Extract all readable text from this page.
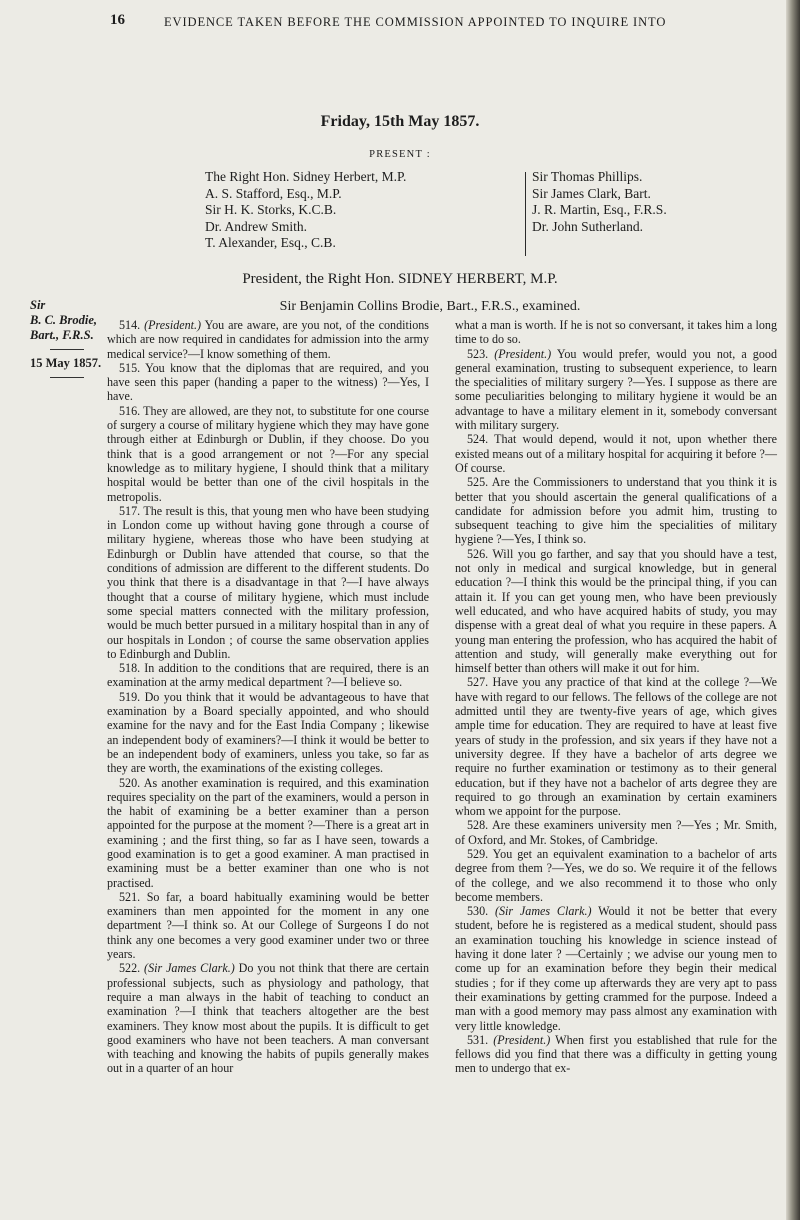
16	EVIDENCE TAKEN BEFORE THE COMMISSION APPOINTED TO INQUIRE INTO
Friday, 15th May 1857.
PRESENT :
The Right Hon. Sidney Herbert, M.P.
A. S. Stafford, Esq., M.P.
Sir H. K. Storks, K.C.B.
Dr. Andrew Smith.
T. Alexander, Esq., C.B.
Sir Thomas Phillips.
Sir James Clark, Bart.
J. R. Martin, Esq., F.R.S.
Dr. John Sutherland.
President, the Right Hon. SIDNEY HERBERT, M.P.
Sir
B. C. Brodie,
Bart., F.R.S.
15 May 1857.
Sir Benjamin Collins Brodie, Bart., F.R.S., examined.

514. (President.) You are aware, are you not, of the conditions which are now required in candidates for admission into the army medical service?—I know something of them.

515. You know that the diplomas that are required, and you have seen this paper (handing a paper to the witness) ?—Yes, I have.

516. They are allowed, are they not, to substitute for one course of surgery a course of military hygiene which they may have gone through either at Edinburgh or Dublin, if they choose. Do you think that is a good arrangement or not ?—For any special knowledge as to military hygiene, I should think that a military hospital would be better than one of the civil hospitals in the metropolis.

517. The result is this, that young men who have been studying in London come up without having gone through a course of military hygiene, whereas those who have been studying at Edinburgh or Dublin have attended that course, so that the conditions of admission are different to the different students. Do you think that there is a disadvantage in that ?—I have always thought that a course of military hygiene, which must include some special matters connected with the military profession, would be much better pursued in a military hospital than in any of our hospitals in London ; of course the same observation applies to Edinburgh and Dublin.

518. In addition to the conditions that are required, there is an examination at the army medical department ?—I believe so.

519. Do you think that it would be advantageous to have that examination by a Board specially appointed, and who should examine for the navy and for the East India Company ; likewise an independent body of examiners?—I think it would be better to be an independent body of examiners, unless you take, so far as they are worth, the examinations of the existing colleges.

520. As another examination is required, and this examination requires speciality on the part of the examiners, would a person in the habit of examining be a better examiner than a person appointed for the purpose at the moment ?—There is a great art in examining ; and the first thing, so far as I have seen, towards a good examination is to get a good examiner. A man practised in examining must be a better examiner than one who is not practised.

521. So far, a board habitually examining would be better examiners than men appointed for the moment in any one department ?—I think so. At our College of Surgeons I do not think any one becomes a very good examiner under two or three years.

522. (Sir James Clark.) Do you not think that there are certain professional subjects, such as physiology and pathology, that require a man always in the habit of teaching to conduct an examination ?—I think that teachers altogether are the best examiners. They know most about the pupils. It is difficult to get good examiners who have not been teachers. A man conversant with teaching and knowing the habits of pupils generally makes out in a quarter of an hour

what a man is worth. If he is not so conversant, it takes him a long time to do so.

523. (President.) You would prefer, would you not, a good general examination, trusting to subsequent experience, to learn the specialities of military surgery ?—Yes. I suppose as there are some peculiarities belonging to military hygiene it would be an advantage to have a military element in it, somebody conversant with military surgery.

524. That would depend, would it not, upon whether there existed means out of a military hospital for acquiring it before ?—Of course.

525. Are the Commissioners to understand that you think it is better that you should ascertain the general qualifications of a candidate for admission before you admit him, trusting to subsequent teaching to give him the specialities of military hygiene ?—Yes, I think so.

526. Will you go farther, and say that you should have a test, not only in medical and surgical knowledge, but in general education ?—I think this would be the principal thing, if you can attain it. If you can get young men, who have been previously well educated, and who have acquired habits of study, you may dispense with a great deal of what you require in these papers. A young man entering the profession, who has acquired the habit of attention and study, will generally make everything out for himself better than others will make it out for him.

527. Have you any practice of that kind at the college ?—We have with regard to our fellows. The fellows of the college are not admitted until they are twenty-five years of age, which gives ample time for education. They are required to have at least five years of study in the profession, and six years if they have not a university degree. If they have a bachelor of arts degree we require no further examination or testimony as to their general education, but if they have not a bachelor of arts degree they are required to go through an examination by certain examiners whom we appoint for the purpose.

528. Are these examiners university men ?—Yes ; Mr. Smith, of Oxford, and Mr. Stokes, of Cambridge.

529. You get an equivalent examination to a bachelor of arts degree from them ?—Yes, we do so. We require it of the fellows of the college, and we also recommend it to those who only become members.

530. (Sir James Clark.) Would it not be better that every student, before he is registered as a medical student, should pass an examination touching his knowledge in science instead of having it done later ? —Certainly ; we advise our young men to come up for an examination before they begin their medical studies ; for if they come up afterwards they are very apt to pass their examinations by getting crammed for the purpose. Indeed a man with a good memory may pass almost any examination with very little knowledge.

531. (President.) When first you established that rule for the fellows did you find that there was a difficulty in getting young men to undergo that ex-
